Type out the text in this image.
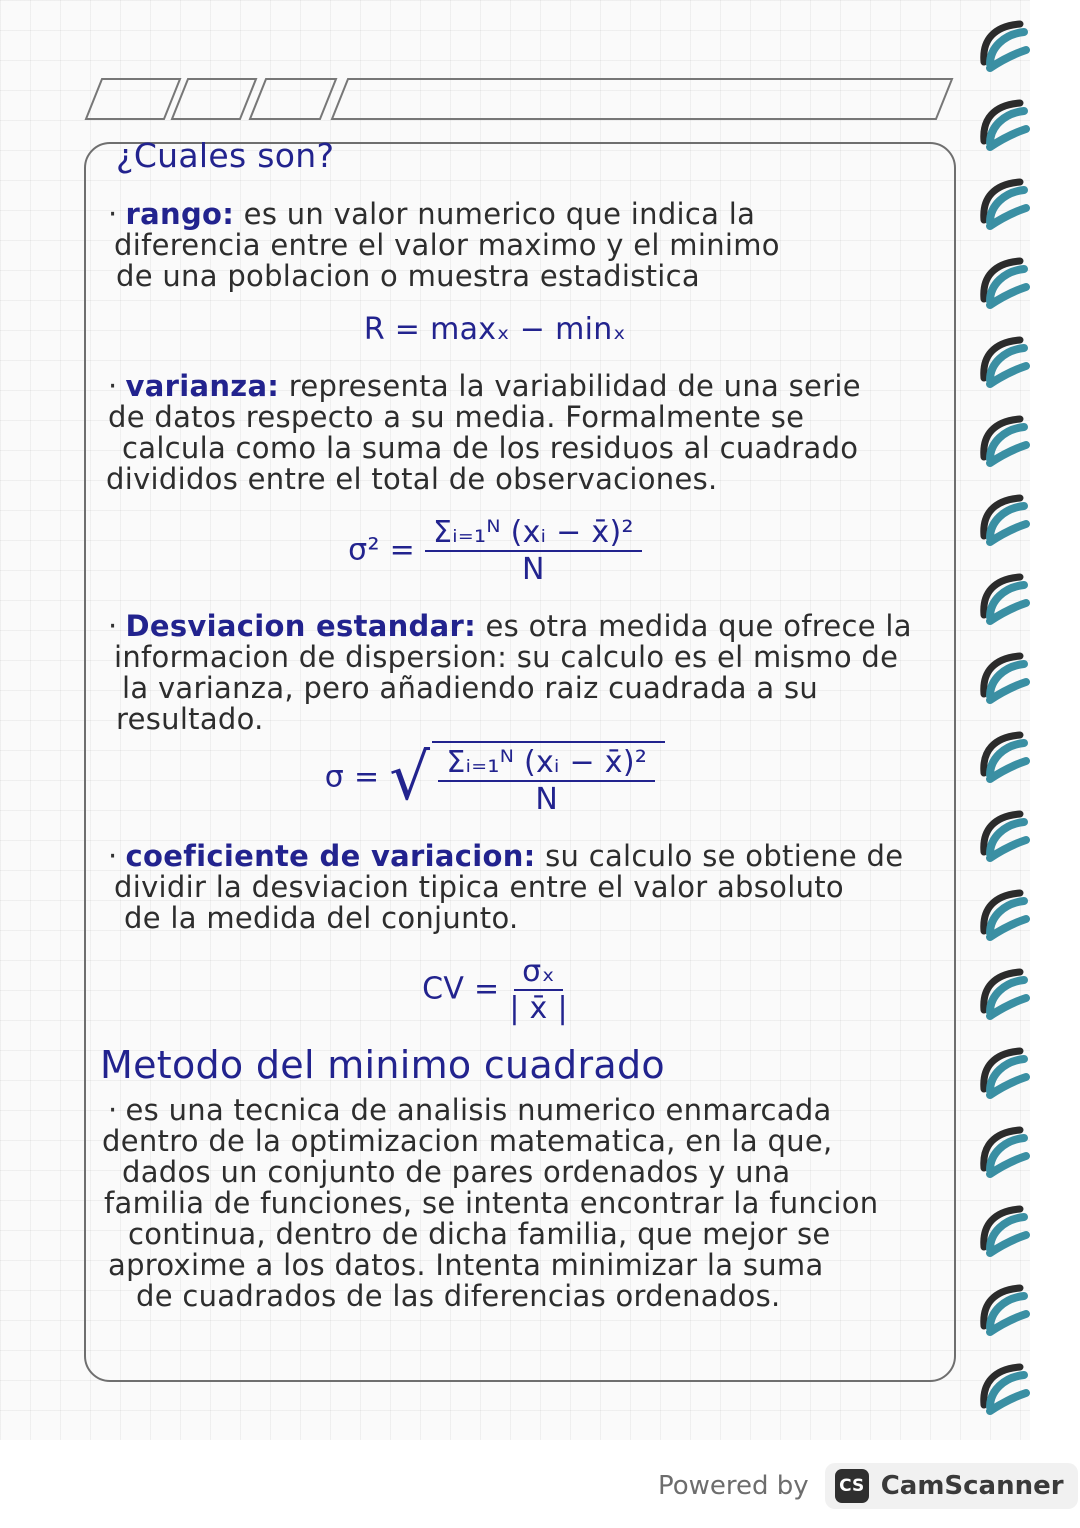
¿Cuales son?
· rango: es un valor numerico que indica la
diferencia entre el valor maximo y el minimo
de una poblacion o muestra estadistica
R = maxₓ − minₓ
· varianza: representa la variabilidad de una serie
de datos respecto a su media. Formalmente se
calcula como la suma de los residuos al cuadrado
divididos entre el total de observaciones.
$\sigma^2 = \frac{\text{Σᵢ₌₁ᴺ (xᵢ − x̄)²}}{N}$
· Desviacion estandar: es otra medida que ofrece la
informacion de dispersion: su calculo es el mismo de
la varianza, pero añadiendo raiz cuadrada a su
resultado.
σ = √ $\frac{\text{Σᵢ₌₁ᴺ (xᵢ − x̄)²}}{N}$
· coeficiente de variacion: su calculo se obtiene de
dividir la desviacion tipica entre el valor absoluto
de la medida del conjunto.
CV = $\frac{\text{σₓ}}{| x̄ |}$
Metodo del minimo cuadrado
· es una tecnica de analisis numerico enmarcada
dentro de la optimizacion matematica, en la que,
dados un conjunto de pares ordenados y una
familia de funciones, se intenta encontrar la funcion
continua, dentro de dicha familia, que mejor se
aproxime a los datos. Intenta minimizar la suma
de cuadrados de las diferencias ordenados.
Powered by CS CamScanner
